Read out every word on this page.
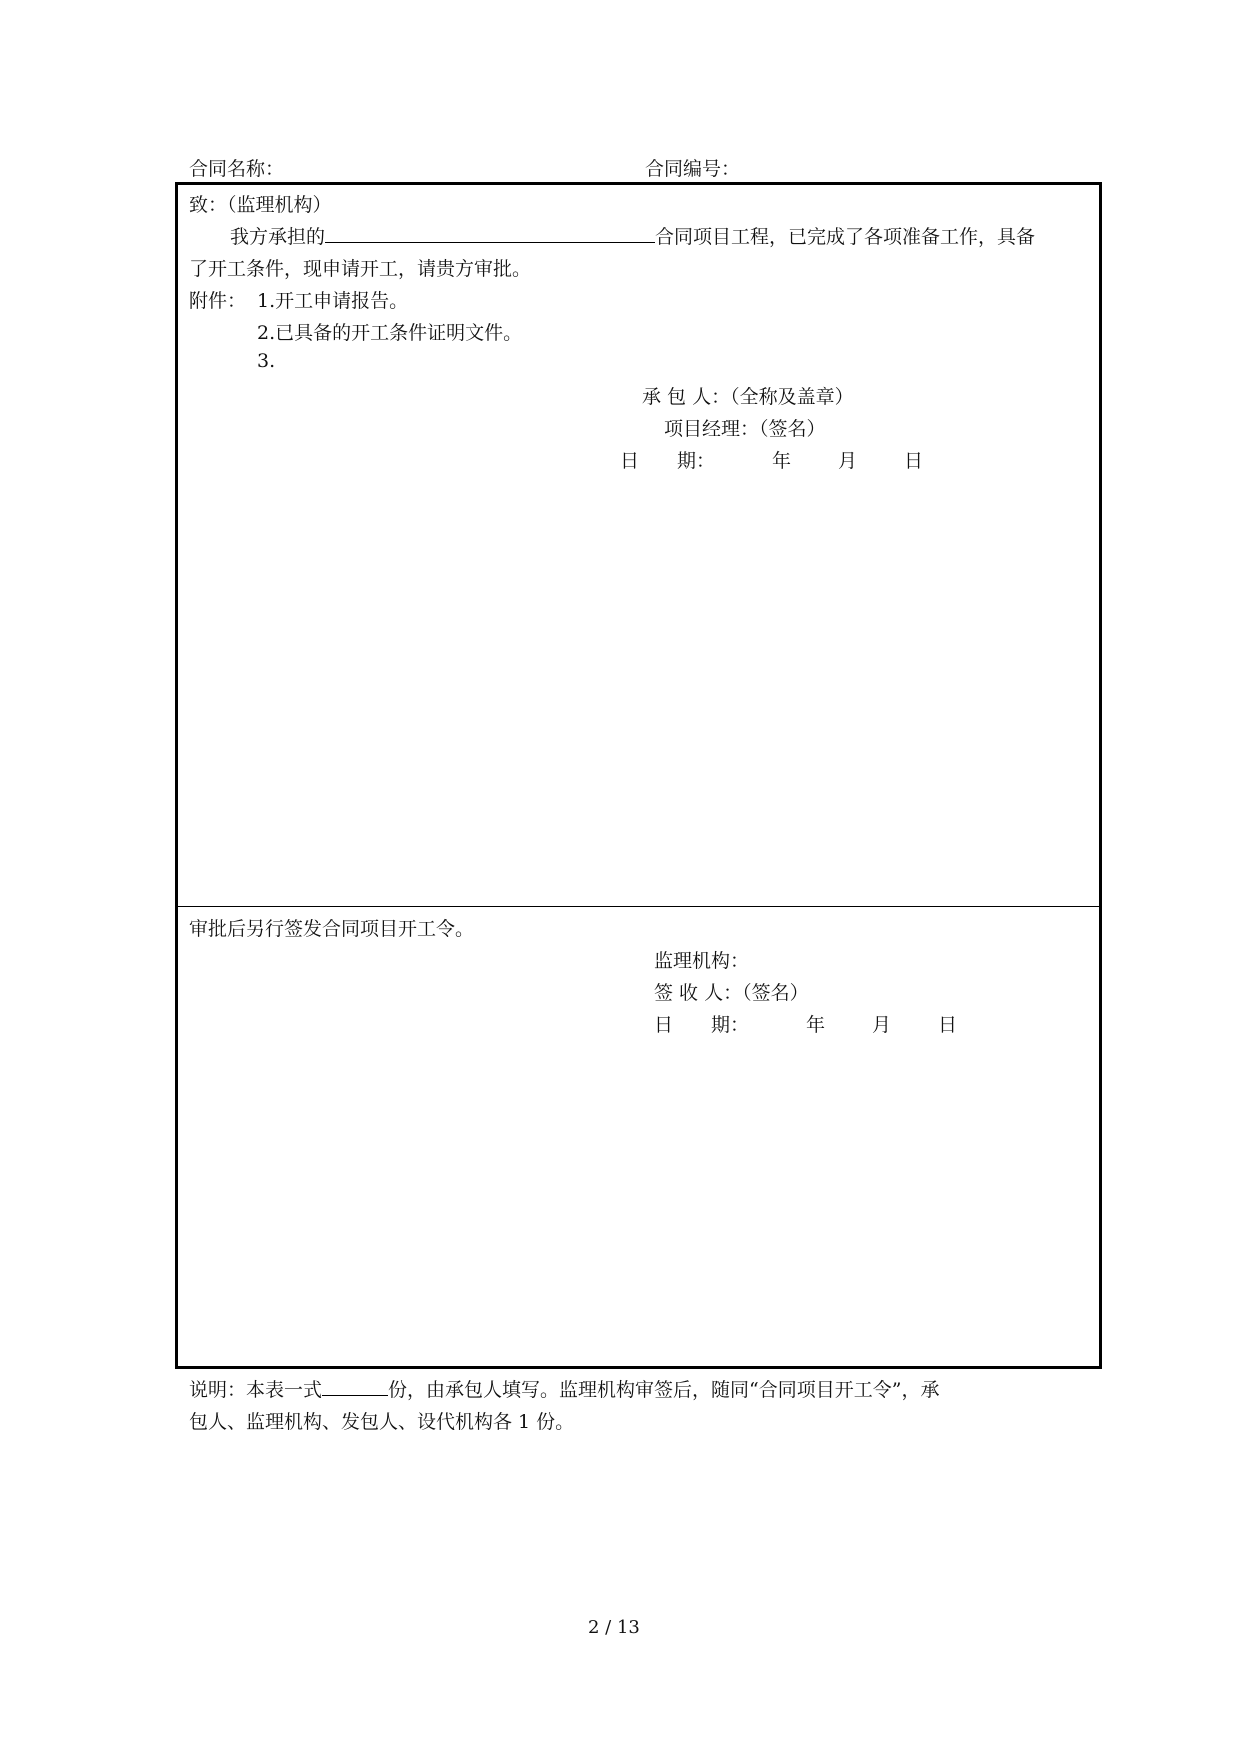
合同名称：	合同编号：
致：（监理机构）
我方承担的	合同项目工程，已完成了各项准备工作，具备
了开工条件，现申请开工，请贵方审批。
附件： 1.开工申请报告。
2.已具备的开工条件证明文件。
3.
承 包 人：（全称及盖章）
项目经理：（签名）
日　　期：	年 月 日
审批后另行签发合同项目开工令。
监理机构：
签 收 人：（签名）
日　　期：	年 月 日
说明：本表一式	份，由承包人填写。监理机构审签后，随同“合同项目开工令”，承
包人、监理机构、发包人、设代机构各 1 份。
2 / 13
